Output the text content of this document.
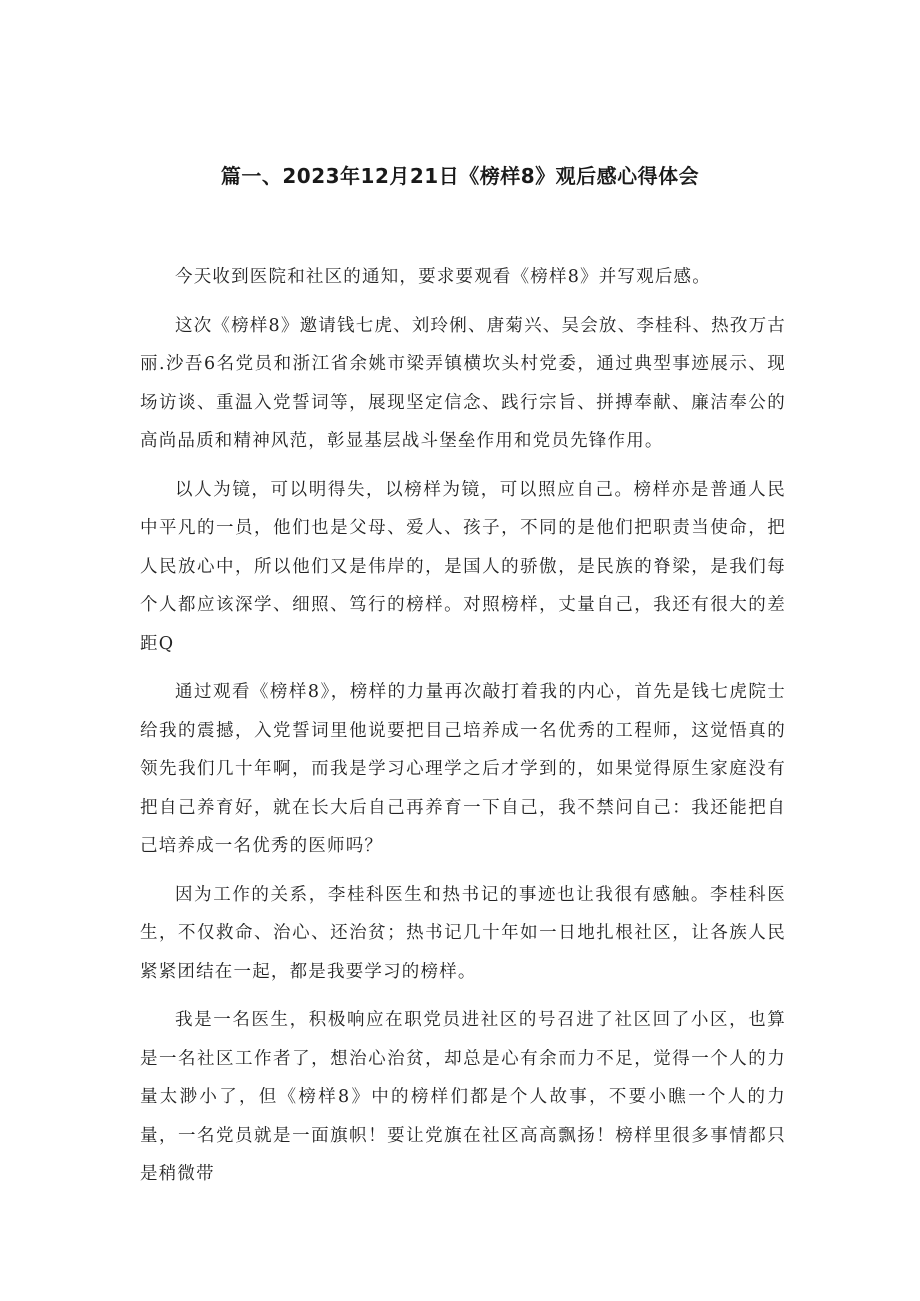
篇一、2023年12月21日《榜样8》观后感心得体会

今天收到医院和社区的通知，要求要观看《榜样8》并写观后感。

这次《榜样8》邀请钱七虎、刘玲俐、唐菊兴、吴会放、李桂科、热孜万古丽.沙吾6名党员和浙江省余姚市梁弄镇横坎头村党委，通过典型事迹展示、现场访谈、重温入党誓词等，展现坚定信念、践行宗旨、拼搏奉献、廉洁奉公的高尚品质和精神风范，彰显基层战斗堡垒作用和党员先锋作用。

以人为镜，可以明得失，以榜样为镜，可以照应自己。榜样亦是普通人民中平凡的一员，他们也是父母、爱人、孩子，不同的是他们把职责当使命，把人民放心中，所以他们又是伟岸的，是国人的骄傲，是民族的脊梁，是我们每个人都应该深学、细照、笃行的榜样。对照榜样，丈量自己，我还有很大的差距Q

通过观看《榜样8》，榜样的力量再次敲打着我的内心，首先是钱七虎院士给我的震撼，入党誓词里他说要把目己培养成一名优秀的工程师，这觉悟真的领先我们几十年啊，而我是学习心理学之后才学到的，如果觉得原生家庭没有把自己养育好，就在长大后自己再养育一下自己，我不禁问自己：我还能把自己培养成一名优秀的医师吗？

因为工作的关系，李桂科医生和热书记的事迹也让我很有感触。李桂科医生，不仅救命、治心、还治贫；热书记几十年如一日地扎根社区，让各族人民紧紧团结在一起，都是我要学习的榜样。

我是一名医生，积极响应在职党员进社区的号召进了社区回了小区，也算是一名社区工作者了，想治心治贫，却总是心有余而力不足，觉得一个人的力量太渺小了，但《榜样8》中的榜样们都是个人故事，不要小瞧一个人的力量，一名党员就是一面旗帜！要让党旗在社区高高飘扬！榜样里很多事情都只是稍微带
